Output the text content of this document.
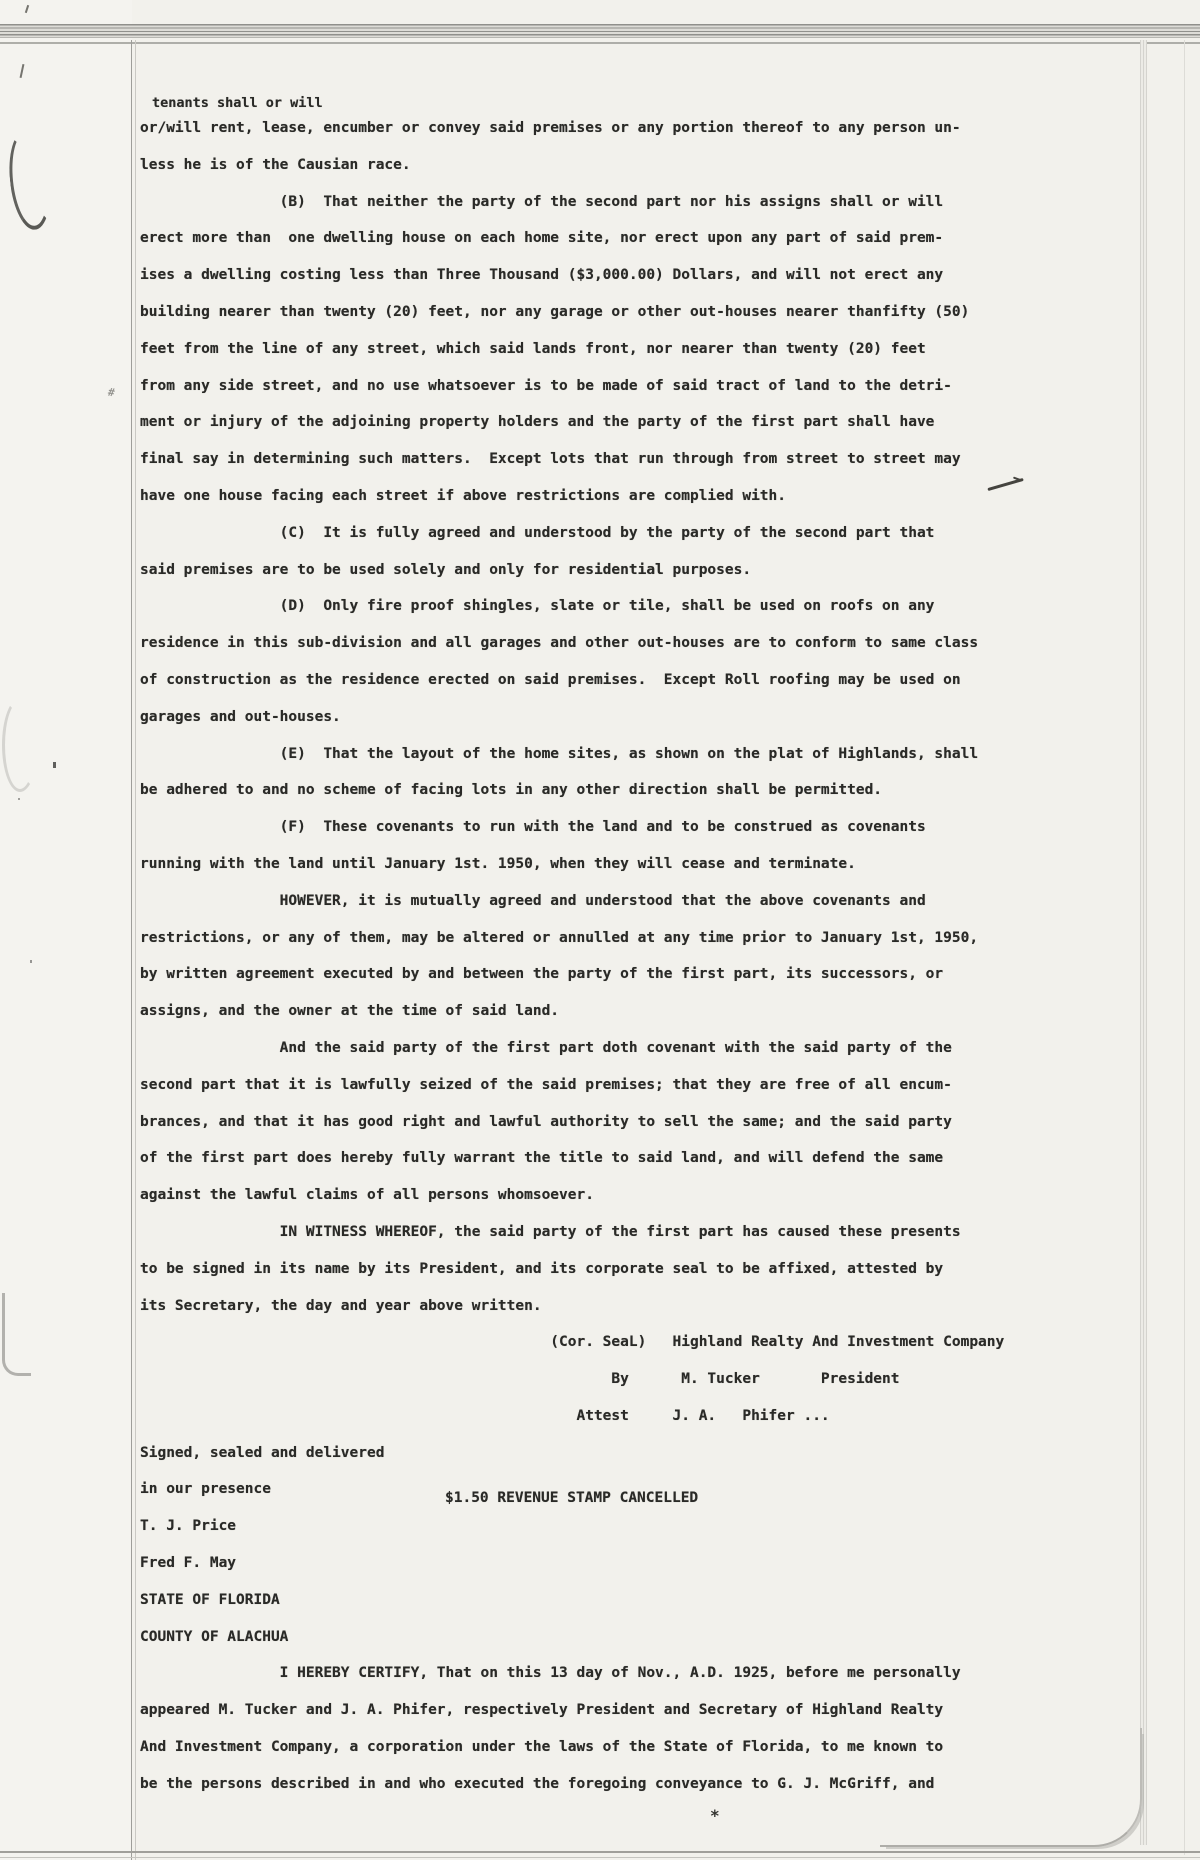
or/will rent, lease, encumber or convey said premises or any portion thereof to any person un-
less he is of the Causian race.
(B)  That neither the party of the second part nor his assigns shall or will
erect more than  one dwelling house on each home site, nor erect upon any part of said prem-
ises a dwelling costing less than Three Thousand ($3,000.00) Dollars, and will not erect any
building nearer than twenty (20) feet, nor any garage or other out-houses nearer thanfifty (50)
feet from the line of any street, which said lands front, nor nearer than twenty (20) feet
from any side street, and no use whatsoever is to be made of said tract of land to the detri-
ment or injury of the adjoining property holders and the party of the first part shall have
final say in determining such matters.  Except lots that run through from street to street may
have one house facing each street if above restrictions are complied with.
(C)  It is fully agreed and understood by the party of the second part that
said premises are to be used solely and only for residential purposes.
(D)  Only fire proof shingles, slate or tile, shall be used on roofs on any
residence in this sub-division and all garages and other out-houses are to conform to same class
of construction as the residence erected on said premises.  Except Roll roofing may be used on
garages and out-houses.
(E)  That the layout of the home sites, as shown on the plat of Highlands, shall
be adhered to and no scheme of facing lots in any other direction shall be permitted.
(F)  These covenants to run with the land and to be construed as covenants
running with the land until January 1st. 1950, when they will cease and terminate.
HOWEVER, it is mutually agreed and understood that the above covenants and
restrictions, or any of them, may be altered or annulled at any time prior to January 1st, 1950,
by written agreement executed by and between the party of the first part, its successors, or
assigns, and the owner at the time of said land.
And the said party of the first part doth covenant with the said party of the
second part that it is lawfully seized of the said premises; that they are free of all encum-
brances, and that it has good right and lawful authority to sell the same; and the said party
of the first part does hereby fully warrant the title to said land, and will defend the same
against the lawful claims of all persons whomsoever.
IN WITNESS WHEREOF, the said party of the first part has caused these presents
to be signed in its name by its President, and its corporate seal to be affixed, attested by
its Secretary, the day and year above written.
(Cor. SeaL)   Highland Realty And Investment Company
By      M. Tucker       President
Attest     J. A.   Phifer ...
Signed, sealed and delivered
in our presence
T. J. Price
Fred F. May
STATE OF FLORIDA
COUNTY OF ALACHUA
I HEREBY CERTIFY, That on this 13 day of Nov., A.D. 1925, before me personally
appeared M. Tucker and J. A. Phifer, respectively President and Secretary of Highland Realty
And Investment Company, a corporation under the laws of the State of Florida, to me known to
be the persons described in and who executed the foregoing conveyance to G. J. McGriff, and
tenants shall or will
$1.50 REVENUE STAMP CANCELLED
*
#
